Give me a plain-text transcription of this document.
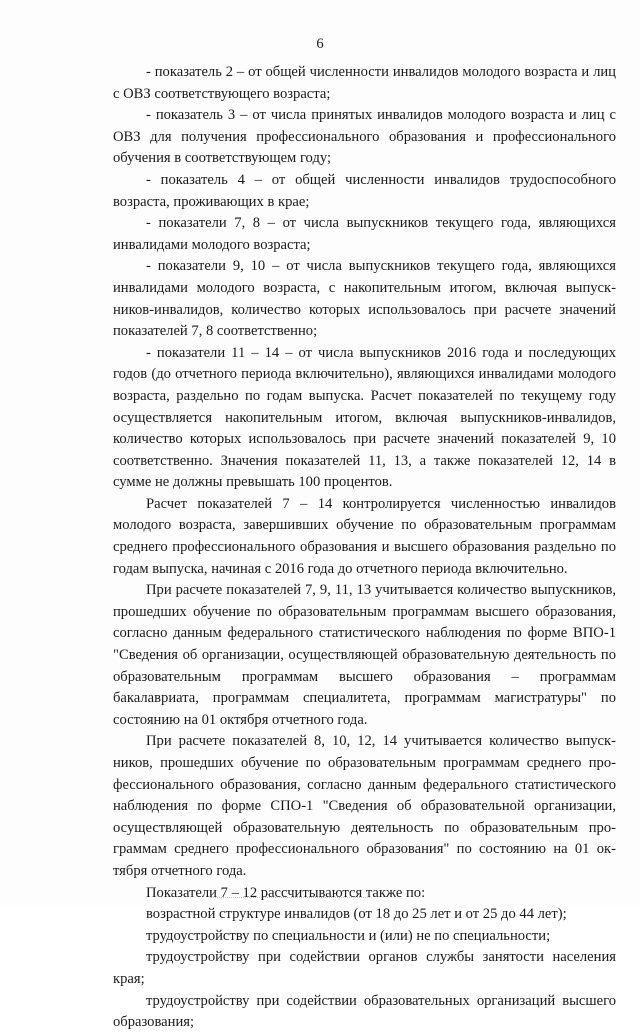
6

- показатель 2 – от общей численности инвалидов молодого возраста и лиц с ОВЗ соответствующего возраста;

- показатель 3 – от числа принятых инвалидов молодого возраста и лиц с ОВЗ для получения профессионального образования и профессионального обучения в соответствующем году;

- показатель 4 – от общей численности инвалидов трудоспособного возраста, проживающих в крае;

- показатели 7, 8 – от числа выпускников текущего года, являющихся инвалидами молодого возраста;

- показатели 9, 10 – от числа выпускников текущего года, являющихся инвалидами молодого возраста, с накопительным итогом, включая выпускников-инвалидов, количество которых использовалось при расчете значений показателей 7, 8 соответственно;

- показатели 11 – 14 – от числа выпускников 2016 года и последующих годов (до отчетного периода включительно), являющихся инвалидами молодого возраста, раздельно по годам выпуска. Расчет показателей по текущему году осуществляется накопительным итогом, включая выпускников-инвалидов, количество которых использовалось при расчете значений показателей 9, 10 соответственно. Значения показателей 11, 13, а также показателей 12, 14 в сумме не должны превышать 100 процентов.

Расчет показателей 7 – 14 контролируется численностью инвалидов молодого возраста, завершивших обучение по образовательным программам среднего профессионального образования и высшего образования раздельно по годам выпуска, начиная с 2016 года до отчетного периода включительно.

При расчете показателей 7, 9, 11, 13 учитывается количество выпускников, прошедших обучение по образовательным программам высшего образования, согласно данным федерального статистического наблюдения по форме ВПО-1 "Сведения об организации, осуществляющей образовательную деятельность по образовательным программам высшего образования – программам бакалавриата, программам специалитета, программам магистратуры" по состоянию на 01 октября отчетного года.

При расчете показателей 8, 10, 12, 14 учитывается количество выпускников, прошедших обучение по образовательным программам среднего профессионального образования, согласно данным федерального статистического наблюдения по форме СПО-1 "Сведения об образовательной организации, осуществляющей образовательную деятельность по образовательным программам среднего профессионального образования" по состоянию на 01 октября отчетного года.

Показатели 7 – 12 рассчитываются также по:

возрастной структуре инвалидов (от 18 до 25 лет и от 25 до 44 лет);

трудоустройству по специальности и (или) не по специальности;

трудоустройству при содействии органов службы занятости населения края;

трудоустройству при содействии образовательных организаций высшего образования;
